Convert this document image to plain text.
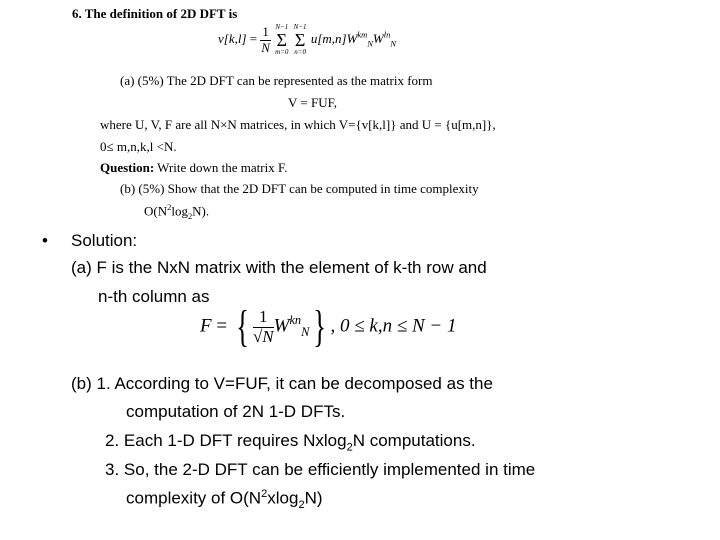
6. The definition of 2D DFT is
$v[k,l] = \frac{1}{N}$
N−1
Σ
m=0

N−1
Σ
n=0
$u[m,n]W^{km}_NW^{ln}_N$
(a) (5%) The 2D DFT can be represented as the matrix form
V = FUF,
where U, V, F are all N×N matrices, in which V={v[k,l]} and U = {u[m,n]},
0≤ m,n,k,l <N.
Question: Write down the matrix F.
(b) (5%) Show that the 2D DFT can be computed in time complexity
$O(N^2\log_2N)$.
• Solution:
(a) F is the NxN matrix with the element of k-th row and
n-th column as
F = { $\frac{1}{√N} W^{kn}_N$} , 0 ≤ k,n ≤ N − 1
(b) 1. According to V=FUF, it can be decomposed as the
computation of 2N 1-D DFTs.
2. Each 1-D DFT requires Nxlog$_2$N computations.
3. So, the 2-D DFT can be efficiently implemented in time
complexity of $O(N^2xlog_2N)$
